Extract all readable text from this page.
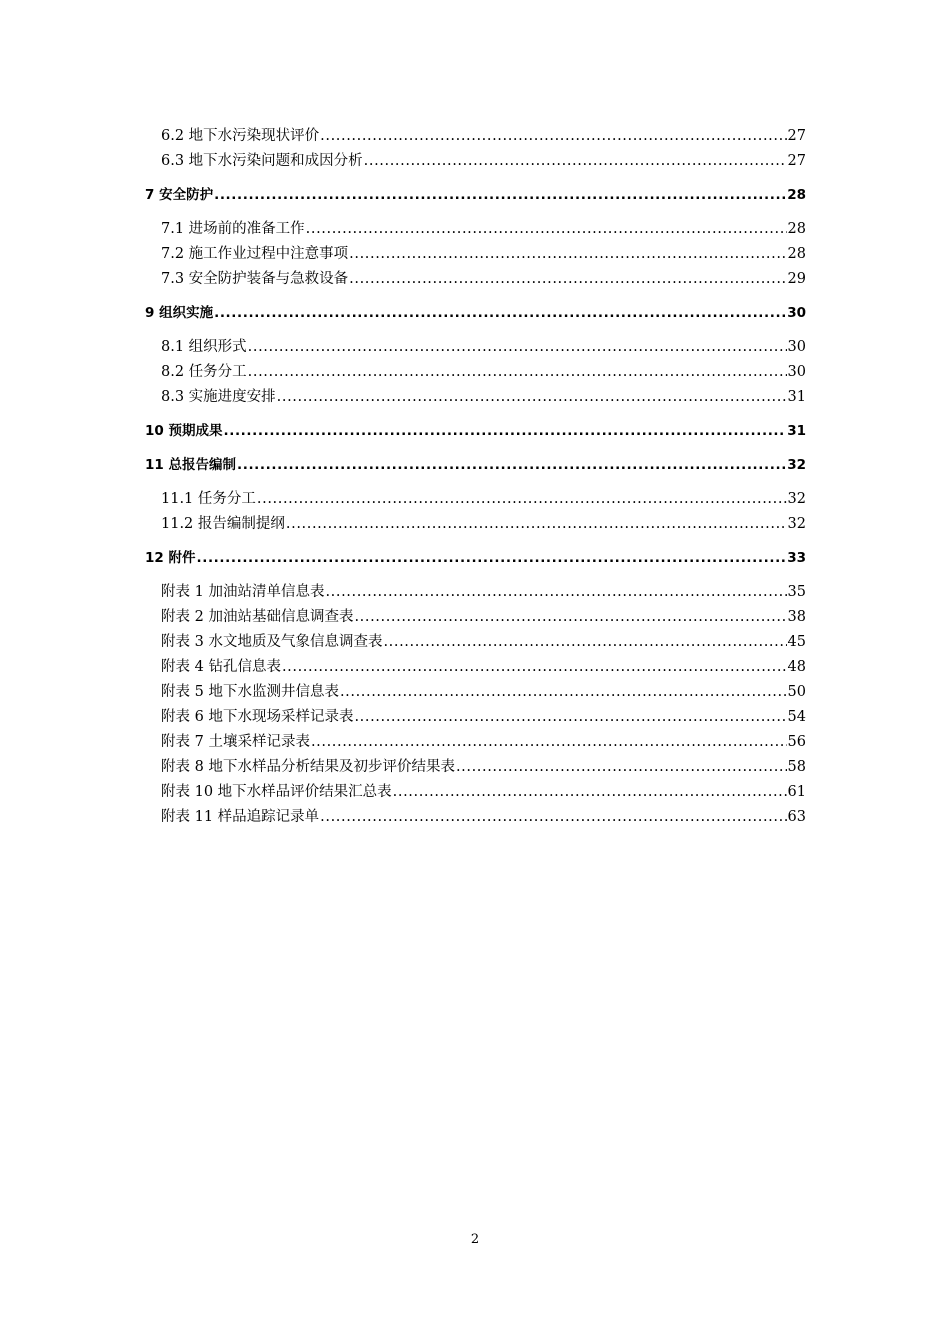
6.2 地下水污染现状评价 .....	27
6.3 地下水污染问题和成因分析 .....	27
7 安全防护 .....	28
7.1 进场前的准备工作 .....	28
7.2 施工作业过程中注意事项 .....	28
7.3 安全防护装备与急救设备 .....	29
9 组织实施 .....	30
8.1 组织形式 .....	30
8.2 任务分工 .....	30
8.3 实施进度安排 .....	31
10 预期成果 .....	31
11 总报告编制 .....	32
11.1 任务分工 .....	32
11.2 报告编制提纲 .....	32
12 附件 .....	33
附表 1 加油站清单信息表 .....	35
附表 2 加油站基础信息调查表 .....	38
附表 3 水文地质及气象信息调查表 .....	45
附表 4 钻孔信息表 .....	48
附表 5 地下水监测井信息表 .....	50
附表 6 地下水现场采样记录表 .....	54
附表 7 土壤采样记录表 .....	56
附表 8 地下水样品分析结果及初步评价结果表 .....	58
附表 10 地下水样品评价结果汇总表 .....	61
附表 11 样品追踪记录单 .....	63
2
